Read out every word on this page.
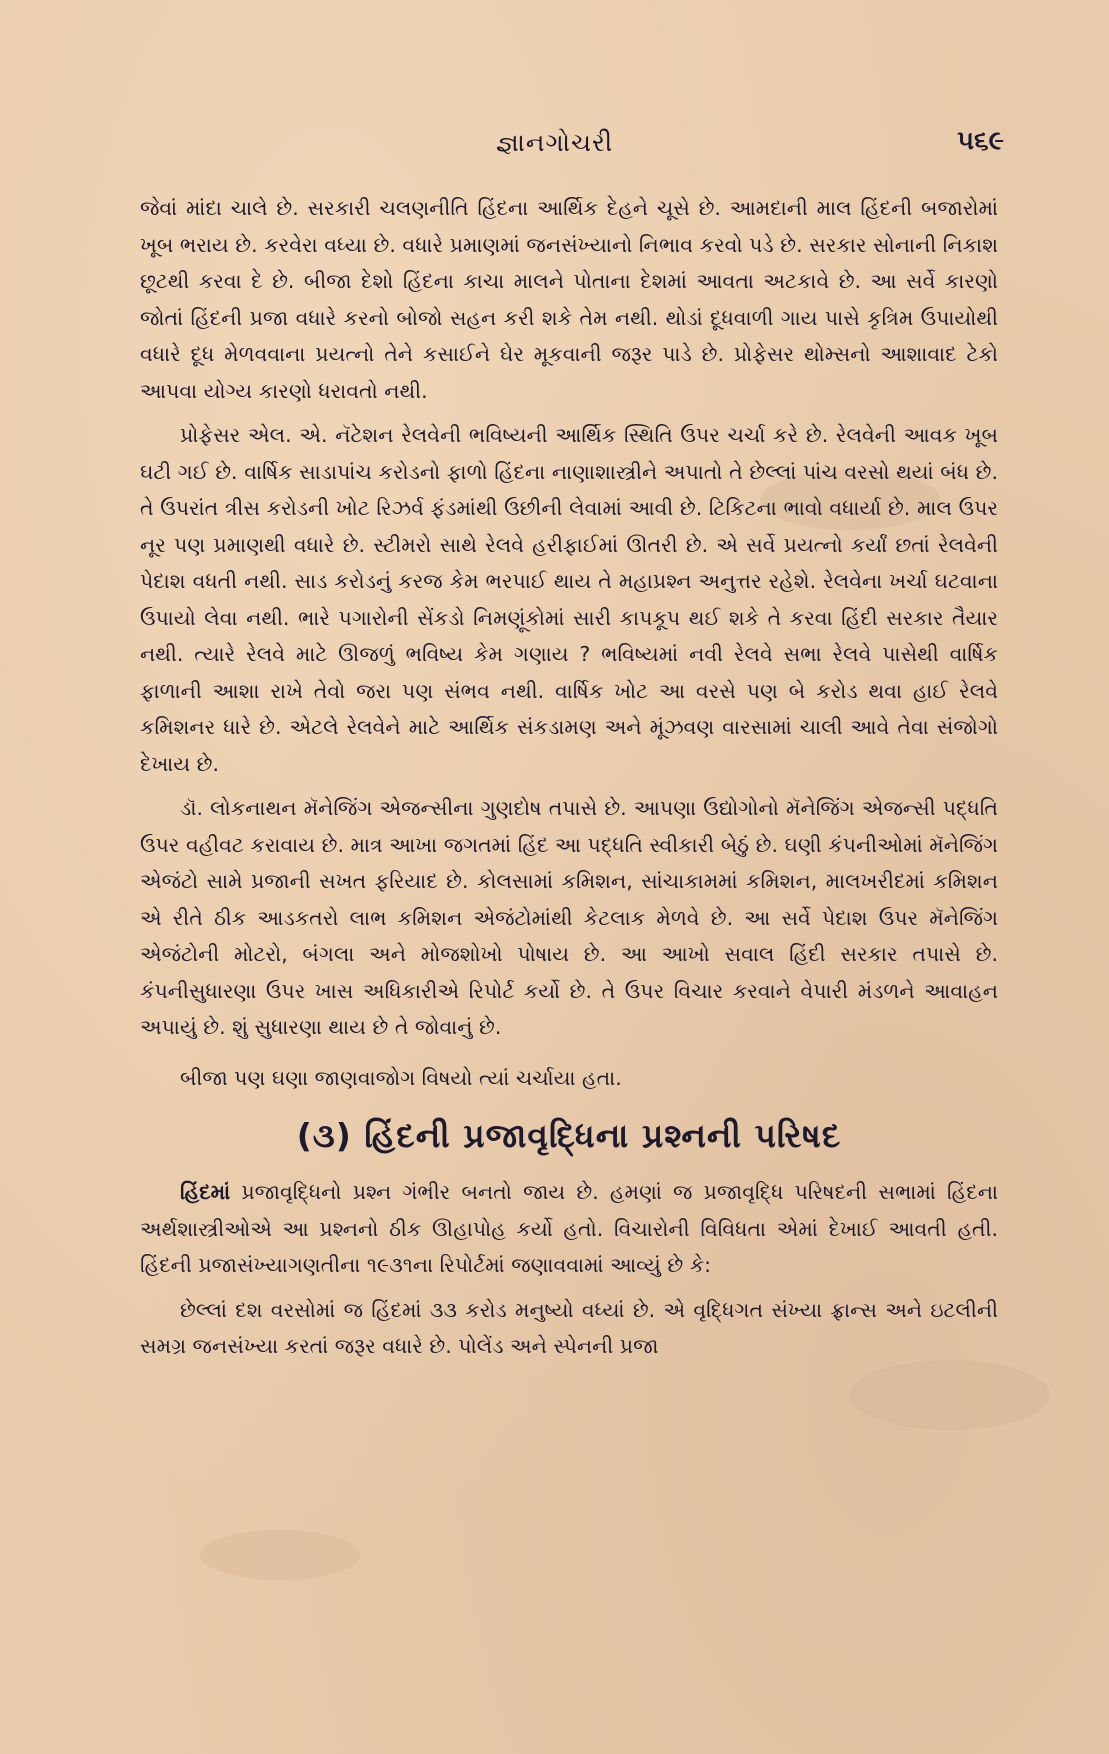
જ્ઞાનગોચરી	૫૬૯

જેવાં માંદા ચાલે છે. સરકારી ચલણનીતિ હિંદના આર્થિક દેહને ચૂસે છે. આમદાની માલ હિંદની બજારોમાં ખૂબ ભરાય છે. કરવેરા વધ્યા છે. વધારે પ્રમાણમાં જનસંખ્યાનો નિભાવ કરવો પડે છે. સરકાર સોનાની નિકાશ છૂટથી કરવા દે છે. બીજા દેશો હિંદના કાચા માલને પોતાના દેશમાં આવતા અટકાવે છે. આ સર્વે કારણો જોતાં હિંદની પ્રજા વધારે કરનો બોજો સહન કરી શકે તેમ નથી. થોડાં દૂધવાળી ગાય પાસે કૃત્રિમ ઉપાયોથી વધારે દૂધ મેળવવાના પ્રયત્નો તેને કસાઈને ઘેર મૂકવાની જરૂર પાડે છે. પ્રોફેસર થોમ્સનો આશાવાદ ટેકો આપવા યોગ્ય કારણો ધરાવતો નથી.

પ્રોફેસર એલ. એ. નૅટેશન રેલવેની ભવિષ્યની આર્થિક સ્થિતિ ઉપર ચર્ચા કરે છે. રેલવેની આવક ખૂબ ઘટી ગઈ છે. વાર્ષિક સાડાપાંચ કરોડનો ફાળો હિંદના નાણાશાસ્ત્રીને અપાતો તે છેલ્લાં પાંચ વરસો થયાં બંધ છે. તે ઉપરાંત ત્રીસ કરોડની ખોટ રિઝર્વ ફંડમાંથી ઉછીની લેવામાં આવી છે. ટિકિટના ભાવો વધાર્યા છે. માલ ઉપર નૂર પણ પ્રમાણથી વધારે છે. સ્ટીમરો સાથે રેલવે હરીફાઈમાં ઊતરી છે. એ સર્વે પ્રયત્નો કર્યાં છતાં રેલવેની પેદાશ વધતી નથી. સાડ કરોડનું કરજ કેમ ભરપાઈ થાય તે મહાપ્રશ્ન અનુત્તર રહેશે. રેલવેના ખર્ચા ઘટવાના ઉપાયો લેવા નથી. ભારે પગારોની સેંકડો નિમણૂંકોમાં સારી કાપકૂપ થઈ શકે તે કરવા હિંદી સરકાર તૈયાર નથી. ત્યારે રેલવે માટે ઊજળું ભવિષ્ય કેમ ગણાય ? ભવિષ્યમાં નવી રેલવે સભા રેલવે પાસેથી વાર્ષિક ફાળાની આશા રાખે તેવો જરા પણ સંભવ નથી. વાર્ષિક ખોટ આ વરસે પણ બે કરોડ થવા હાઈ રેલવે કમિશનર ધારે છે. એટલે રેલવેને માટે આર્થિક સંકડામણ અને મૂંઝવણ વારસામાં ચાલી આવે તેવા સંજોગો દેખાય છે.

ડૉ. લોકનાથન મૅનેજિંગ એજન્સીના ગુણદોષ તપાસે છે. આપણા ઉદ્યોગોનો મૅનેજિંગ એજન્સી પદ્ધતિ ઉપર વહીવટ કરાવાય છે. માત્ર આખા જગતમાં હિંદ આ પદ્ધતિ સ્વીકારી બેઠું છે. ઘણી કંપનીઓમાં મૅનેજિંગ એજંટો સામે પ્રજાની સખત ફરિયાદ છે. કોલસામાં કમિશન, સાંચાકામમાં કમિશન, માલખરીદમાં કમિશન એ રીતે ઠીક આડકતરો લાભ કમિશન એજંટોમાંથી કેટલાક મેળવે છે. આ સર્વે પેદાશ ઉપર મૅનેજિંગ એજંટોની મોટરો, બંગલા અને મોજશોખો પોષાય છે. આ આખો સવાલ હિંદી સરકાર તપાસે છે. કંપનીસુધારણા ઉપર ખાસ અધિકારીએ રિપોર્ટ કર્યો છે. તે ઉપર વિચાર કરવાને વેપારી મંડળને આવાહન અપાયું છે. શું સુધારણા થાય છે તે જોવાનું છે.

બીજા પણ ઘણા જાણવાજોગ વિષયો ત્યાં ચર્ચાયા હતા.

(૩) હિંદની પ્રજાવૃદ્ધિના પ્રશ્નની પરિષદ

હિંદમાં પ્રજાવૃદ્ધિનો પ્રશ્ન ગંભીર બનતો જાય છે. હમણાં જ પ્રજાવૃદ્ધિ પરિષદની સભામાં હિંદના અર્થશાસ્ત્રીઓએ આ પ્રશ્નનો ઠીક ઊહાપોહ કર્યો હતો. વિચારોની વિવિધતા એમાં દેખાઈ આવતી હતી. હિંદની પ્રજાસંખ્યાગણતીના ૧૯૩૧ના રિપોર્ટમાં જણાવવામાં આવ્યું છે કે:

છેલ્લાં દશ વરસોમાં જ હિંદમાં ૩૩ કરોડ મનુષ્યો વધ્યાં છે. એ વૃદ્ધિગત સંખ્યા ફ્રાન્સ અને ઇટલીની સમગ્ર જનસંખ્યા કરતાં જરૂર વધારે છે. પોલેંડ અને સ્પેનની પ્રજા
